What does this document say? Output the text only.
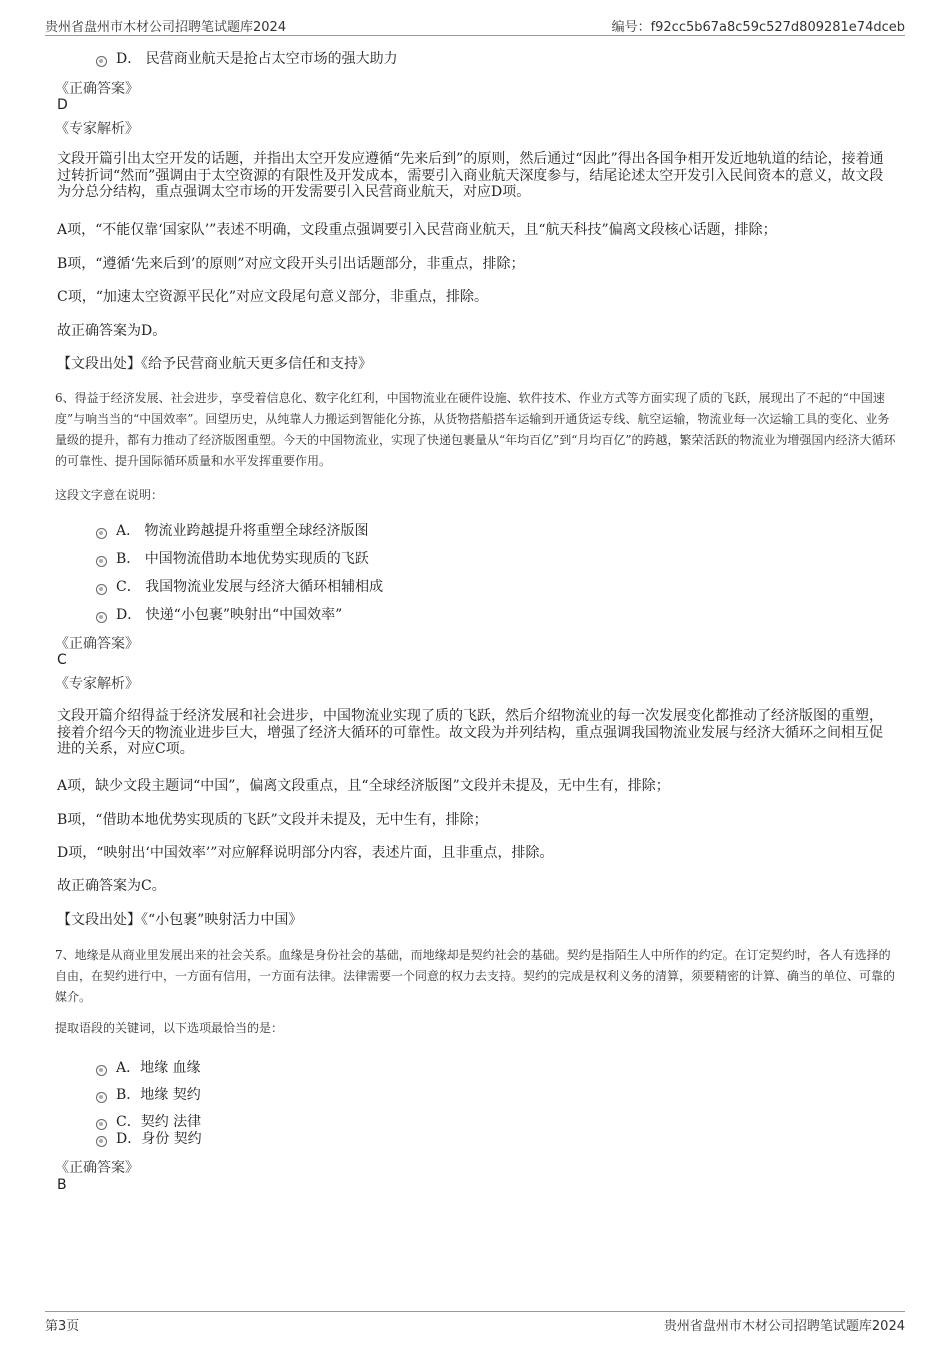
贵州省盘州市木材公司招聘笔试题库2024	编号：f92cc5b67a8c59c527d809281e74dceb
D． 民营商业航天是抢占太空市场的强大助力
《正确答案》
D
《专家解析》
文段开篇引出太空开发的话题，并指出太空开发应遵循“先来后到”的原则，然后通过“因此”得出各国争相开发近地轨道的结论，接着通过转折词“然而”强调由于太空资源的有限性及开发成本，需要引入商业航天深度参与，结尾论述太空开发引入民间资本的意义，故文段为分总分结构，重点强调太空市场的开发需要引入民营商业航天，对应D项。
A项，“不能仅靠‘国家队’”表述不明确，文段重点强调要引入民营商业航天，且“航天科技”偏离文段核心话题，排除；
B项，“遵循‘先来后到’的原则”对应文段开头引出话题部分，非重点，排除；
C项，“加速太空资源平民化”对应文段尾句意义部分，非重点，排除。
故正确答案为D。
【文段出处】《给予民营商业航天更多信任和支持》
6、得益于经济发展、社会进步，享受着信息化、数字化红利，中国物流业在硬件设施、软件技术、作业方式等方面实现了质的飞跃，展现出了不起的“中国速度”与响当当的“中国效率”。回望历史，从纯靠人力搬运到智能化分拣，从货物搭船搭车运输到开通货运专线、航空运输，物流业每一次运输工具的变化、业务量级的提升，都有力推动了经济版图重塑。今天的中国物流业，实现了快递包裹量从“年均百亿”到“月均百亿”的跨越，繁荣活跃的物流业为增强国内经济大循环的可靠性、提升国际循环质量和水平发挥重要作用。
这段文字意在说明：
A． 物流业跨越提升将重塑全球经济版图
B． 中国物流借助本地优势实现质的飞跃
C． 我国物流业发展与经济大循环相辅相成
D． 快递“小包裹”映射出“中国效率”
《正确答案》
C
《专家解析》
文段开篇介绍得益于经济发展和社会进步，中国物流业实现了质的飞跃，然后介绍物流业的每一次发展变化都推动了经济版图的重塑，接着介绍今天的物流业进步巨大，增强了经济大循环的可靠性。故文段为并列结构，重点强调我国物流业发展与经济大循环之间相互促进的关系，对应C项。
A项，缺少文段主题词“中国”，偏离文段重点，且“全球经济版图”文段并未提及，无中生有，排除；
B项，“借助本地优势实现质的飞跃”文段并未提及，无中生有，排除；
D项，“映射出‘中国效率’”对应解释说明部分内容，表述片面，且非重点，排除。
故正确答案为C。
【文段出处】《“小包裹”映射活力中国》
7、地缘是从商业里发展出来的社会关系。血缘是身份社会的基础，而地缘却是契约社会的基础。契约是指陌生人中所作的约定。在订定契约时，各人有选择的自由，在契约进行中，一方面有信用，一方面有法律。法律需要一个同意的权力去支持。契约的完成是权利义务的清算，须要精密的计算、确当的单位、可靠的媒介。
提取语段的关键词，以下选项最恰当的是：
A．地缘 血缘
B．地缘 契约
C．契约 法律
D．身份 契约
《正确答案》
B
第3页	贵州省盘州市木材公司招聘笔试题库2024
